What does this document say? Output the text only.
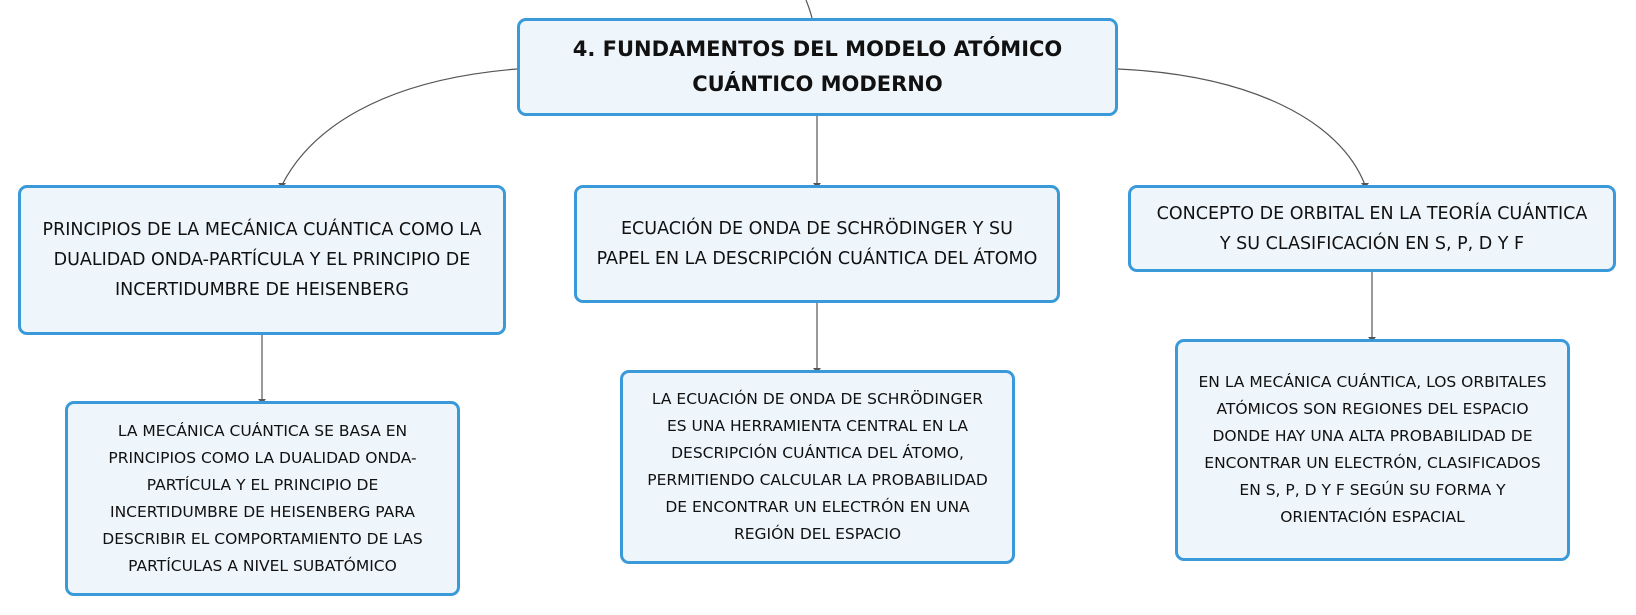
4. FUNDAMENTOS DEL MODELO ATÓMICO
CUÁNTICO MODERNO
PRINCIPIOS DE LA MECÁNICA CUÁNTICA COMO LA
DUALIDAD ONDA-PARTÍCULA Y EL PRINCIPIO DE
INCERTIDUMBRE DE HEISENBERG
ECUACIÓN DE ONDA DE SCHRÖDINGER Y SU
PAPEL EN LA DESCRIPCIÓN CUÁNTICA DEL ÁTOMO
CONCEPTO DE ORBITAL EN LA TEORÍA CUÁNTICA
Y SU CLASIFICACIÓN EN S, P, D Y F
LA MECÁNICA CUÁNTICA SE BASA EN
PRINCIPIOS COMO LA DUALIDAD ONDA-
PARTÍCULA Y EL PRINCIPIO DE
INCERTIDUMBRE DE HEISENBERG PARA
DESCRIBIR EL COMPORTAMIENTO DE LAS
PARTÍCULAS A NIVEL SUBATÓMICO
LA ECUACIÓN DE ONDA DE SCHRÖDINGER
ES UNA HERRAMIENTA CENTRAL EN LA
DESCRIPCIÓN CUÁNTICA DEL ÁTOMO,
PERMITIENDO CALCULAR LA PROBABILIDAD
DE ENCONTRAR UN ELECTRÓN EN UNA
REGIÓN DEL ESPACIO
EN LA MECÁNICA CUÁNTICA, LOS ORBITALES
ATÓMICOS SON REGIONES DEL ESPACIO
DONDE HAY UNA ALTA PROBABILIDAD DE
ENCONTRAR UN ELECTRÓN, CLASIFICADOS
EN S, P, D Y F SEGÚN SU FORMA Y
ORIENTACIÓN ESPACIAL
